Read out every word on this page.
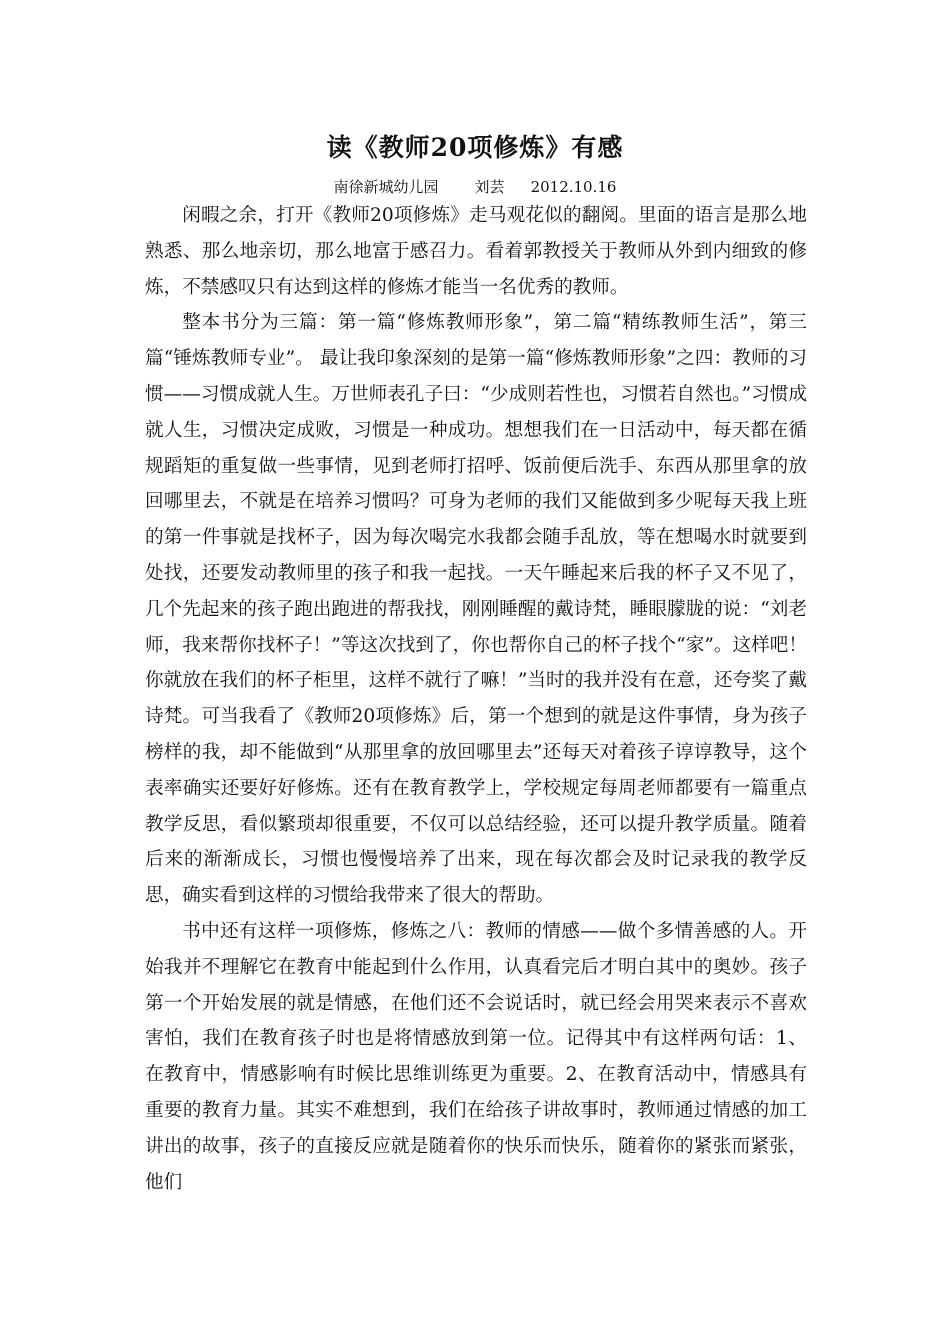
读《教师20项修炼》有感
南徐新城幼儿园 刘芸 2012.10.16

闲暇之余，打开《教师20项修炼》走马观花似的翻阅。里面的语言是那么地熟悉、那么地亲切，那么地富于感召力。看着郭教授关于教师从外到内细致的修炼，不禁感叹只有达到这样的修炼才能当一名优秀的教师。

整本书分为三篇：第一篇“修炼教师形象”，第二篇“精练教师生活”，第三篇“锤炼教师专业”。 最让我印象深刻的是第一篇“修炼教师形象”之四：教师的习惯——习惯成就人生。万世师表孔子曰：“少成则若性也，习惯若自然也。”习惯成就人生，习惯决定成败，习惯是一种成功。想想我们在一日活动中，每天都在循规蹈矩的重复做一些事情，见到老师打招呼、饭前便后洗手、东西从那里拿的放回哪里去，不就是在培养习惯吗？可身为老师的我们又能做到多少呢每天我上班的第一件事就是找杯子，因为每次喝完水我都会随手乱放，等在想喝水时就要到处找，还要发动教师里的孩子和我一起找。一天午睡起来后我的杯子又不见了，几个先起来的孩子跑出跑进的帮我找，刚刚睡醒的戴诗梵，睡眼朦胧的说：“刘老师，我来帮你找杯子！”等这次找到了，你也帮你自己的杯子找个“家”。这样吧！你就放在我们的杯子柜里，这样不就行了嘛！”当时的我并没有在意，还夸奖了戴诗梵。可当我看了《教师20项修炼》后，第一个想到的就是这件事情，身为孩子榜样的我，却不能做到“从那里拿的放回哪里去”还每天对着孩子谆谆教导，这个表率确实还要好好修炼。还有在教育教学上，学校规定每周老师都要有一篇重点教学反思，看似繁琐却很重要，不仅可以总结经验，还可以提升教学质量。随着后来的渐渐成长，习惯也慢慢培养了出来，现在每次都会及时记录我的教学反思，确实看到这样的习惯给我带来了很大的帮助。

书中还有这样一项修炼，修炼之八：教师的情感——做个多情善感的人。开始我并不理解它在教育中能起到什么作用，认真看完后才明白其中的奥妙。孩子第一个开始发展的就是情感，在他们还不会说话时，就已经会用哭来表示不喜欢害怕，我们在教育孩子时也是将情感放到第一位。记得其中有这样两句话：1、在教育中，情感影响有时候比思维训练更为重要。2、在教育活动中，情感具有重要的教育力量。其实不难想到，我们在给孩子讲故事时，教师通过情感的加工讲出的故事，孩子的直接反应就是随着你的快乐而快乐，随着你的紧张而紧张，他们
